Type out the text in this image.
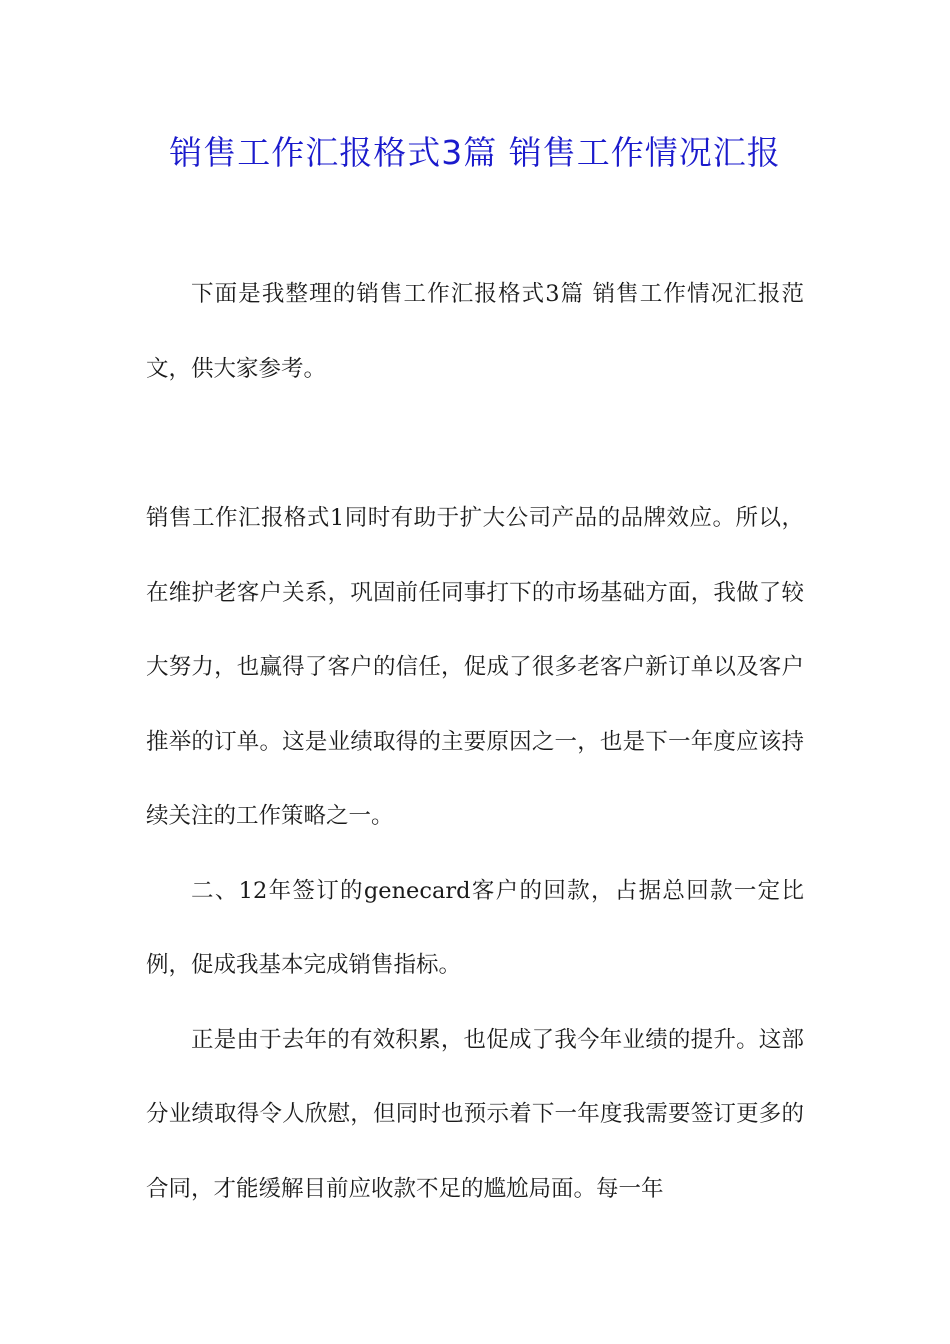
销售工作汇报格式3篇 销售工作情况汇报

下面是我整理的销售工作汇报格式3篇 销售工作情况汇报范文，供大家参考。

销售工作汇报格式1同时有助于扩大公司产品的品牌效应。所以，在维护老客户关系，巩固前任同事打下的市场基础方面，我做了较大努力，也赢得了客户的信任，促成了很多老客户新订单以及客户推举的订单。这是业绩取得的主要原因之一，也是下一年度应该持续关注的工作策略之一。

二、12年签订的genecard客户的回款，占据总回款一定比例，促成我基本完成销售指标。

正是由于去年的有效积累，也促成了我今年业绩的提升。这部分业绩取得令人欣慰，但同时也预示着下一年度我需要签订更多的合同，才能缓解目前应收款不足的尴尬局面。每一年
